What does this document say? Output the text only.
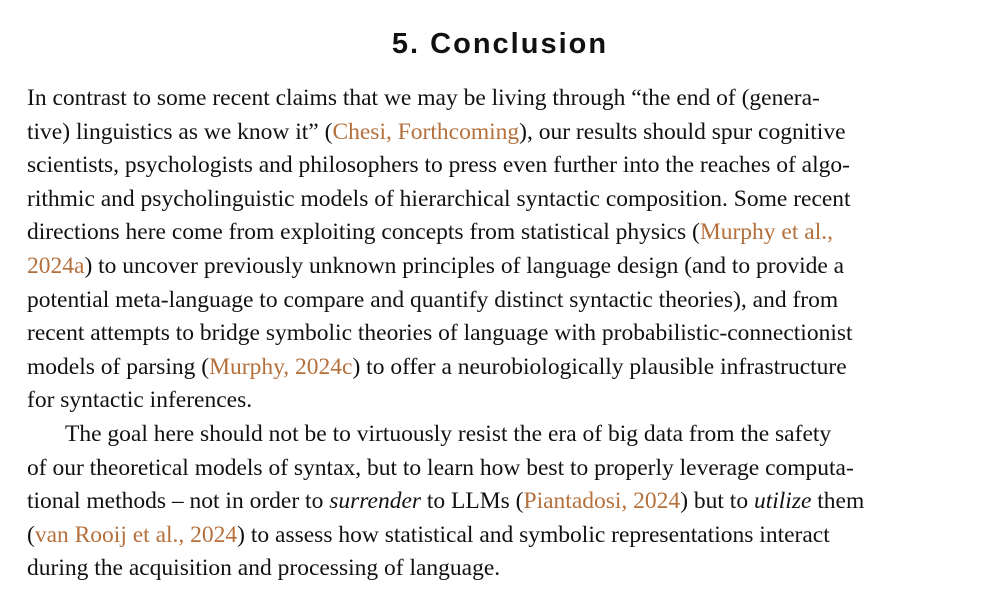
5. Conclusion
In contrast to some recent claims that we may be living through “the end of (genera-
tive) linguistics as we know it” (Chesi, Forthcoming), our results should spur cognitive
scientists, psychologists and philosophers to press even further into the reaches of algo-
rithmic and psycholinguistic models of hierarchical syntactic composition. Some recent
directions here come from exploiting concepts from statistical physics (Murphy et al.,
2024a) to uncover previously unknown principles of language design (and to provide a
potential meta-language to compare and quantify distinct syntactic theories), and from
recent attempts to bridge symbolic theories of language with probabilistic-connectionist
models of parsing (Murphy, 2024c) to offer a neurobiologically plausible infrastructure
for syntactic inferences.
The goal here should not be to virtuously resist the era of big data from the safety
of our theoretical models of syntax, but to learn how best to properly leverage computa-
tional methods – not in order to surrender to LLMs (Piantadosi, 2024) but to utilize them
(van Rooij et al., 2024) to assess how statistical and symbolic representations interact
during the acquisition and processing of language.
